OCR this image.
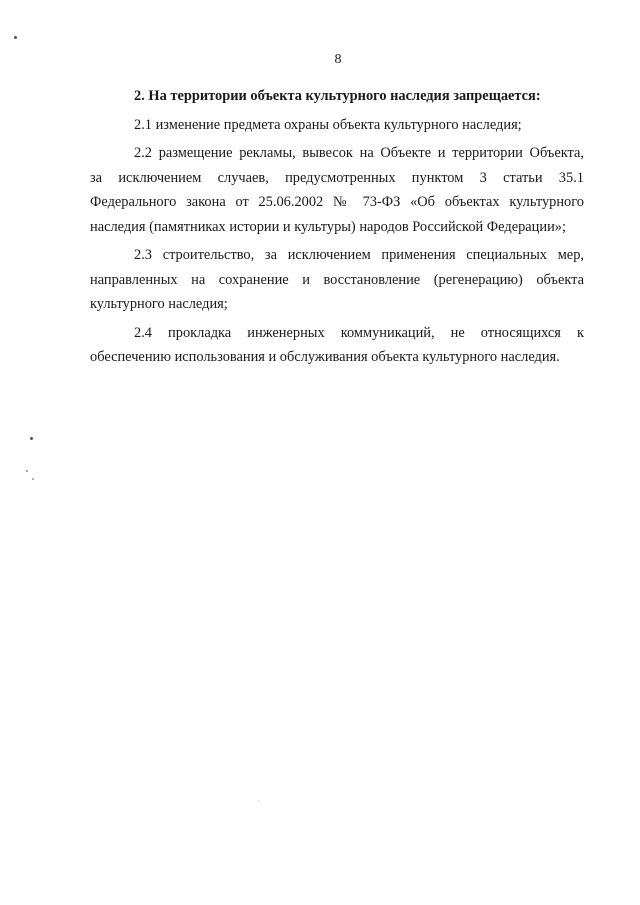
8

2. На территории объекта культурного наследия запрещается:

2.1 изменение предмета охраны объекта культурного наследия;
2.2 размещение рекламы, вывесок на Объекте и территории Объекта,
за исключением случаев, предусмотренных пунктом 3 статьи 35.1
Федерального закона от 25.06.2002 № 73-ФЗ «Об объектах культурного
наследия (памятниках истории и культуры) народов Российской Федерации»;
2.3 строительство, за исключением применения специальных мер,
направленных на сохранение и восстановление (регенерацию) объекта
культурного наследия;
2.4 прокладка инженерных коммуникаций, не относящихся к
обеспечению использования и обслуживания объекта культурного наследия.
